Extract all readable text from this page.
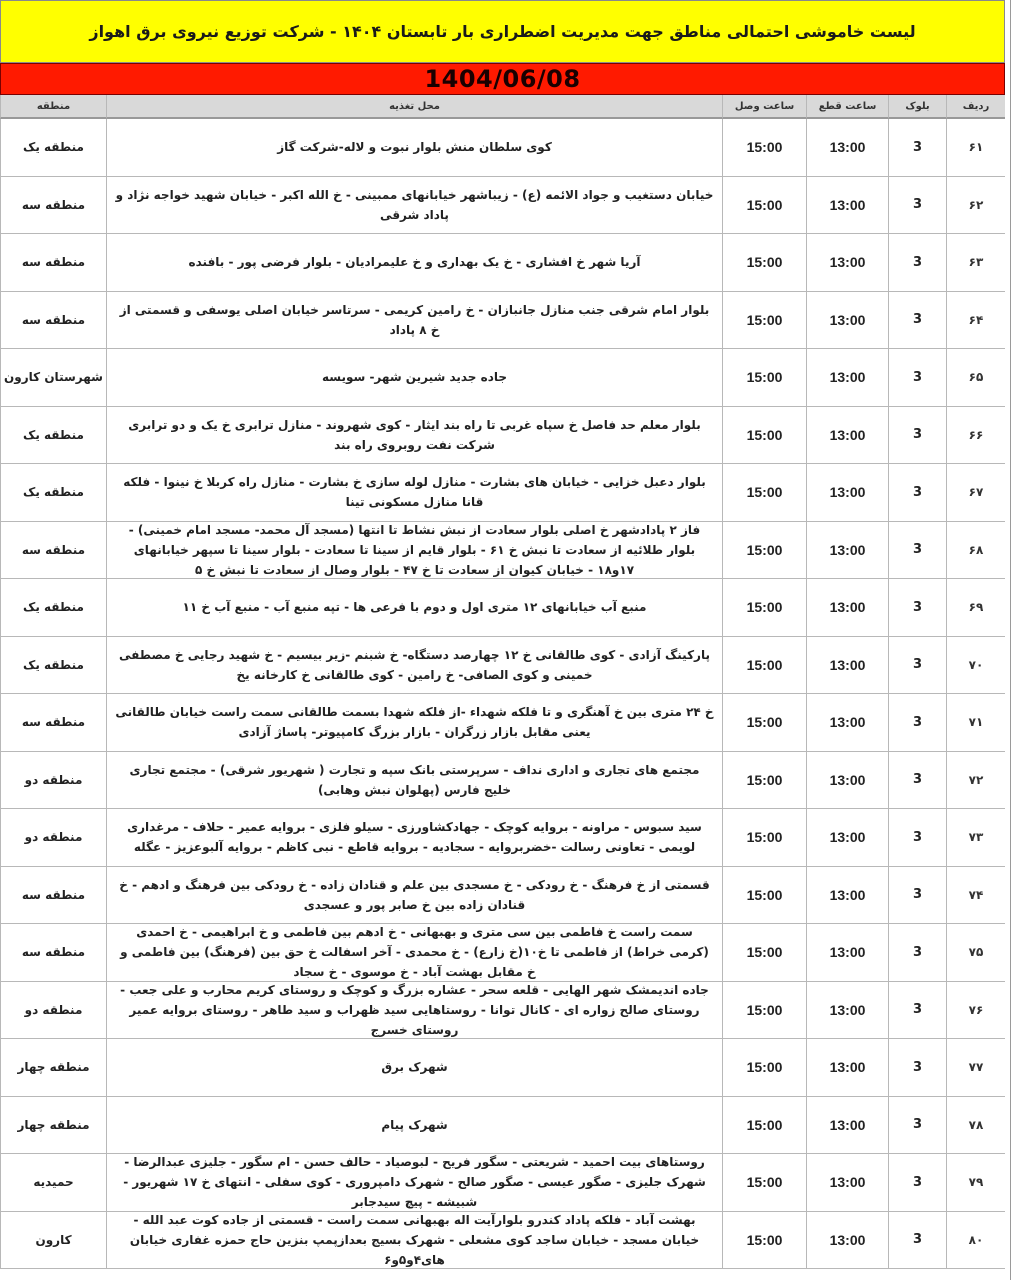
لیست خاموشی احتمالی مناطق جهت مدیریت اضطراری بار تابستان ۱۴۰۴ - شرکت توزیع نیروی برق اهواز
1404/06/08
ردیف
بلوک
ساعت قطع
ساعت وصل
محل تغذیه
منطقه
۶۱
3
13:00
15:00
کوی سلطان منش بلوار نبوت و لاله-شرکت گاز
منطقه یک
۶۲
3
13:00
15:00
خیابان دستغیب و جواد الائمه (ع) - زیباشهر خیابانهای ممبینی - خ الله اکبر - خیابان شهید خواجه نژاد و پاداد شرقی
منطقه سه
۶۳
3
13:00
15:00
آریا شهر خ افشاری - خ یک بهداری و خ علیمرادیان - بلوار فرضی پور - بافنده
منطقه سه
۶۴
3
13:00
15:00
بلوار امام شرقی جنب منازل جانبازان - خ رامین کریمی - سرتاسر خیابان اصلی یوسفی و قسمتی از خ ۸ پاداد
منطقه سه
۶۵
3
13:00
15:00
جاده جدید شیرین شهر- سویسه
شهرستان کارون
۶۶
3
13:00
15:00
بلوار معلم حد فاصل خ سپاه غربی تا راه بند ایثار - کوی شهروند - منازل ترابری خ یک و دو ترابری شرکت نفت روبروی راه بند
منطقه یک
۶۷
3
13:00
15:00
بلوار دعبل خزایی - خیابان های بشارت - منازل لوله سازی خ بشارت - منازل راه کربلا خ نینوا - فلکه قانا منازل مسکونی تینا
منطقه یک
۶۸
3
13:00
15:00
فاز ۲ پادادشهر خ اصلی بلوار سعادت از نبش نشاط تا انتها (مسجد آل محمد- مسجد امام خمینی) - بلوار طلائیه از سعادت تا نبش خ ۶۱ - بلوار قایم از سینا تا سعادت - بلوار سینا تا سپهر خیابانهای ۱۷و۱۸ - خیابان کیوان از سعادت تا خ ۴۷ - بلوار وصال از سعادت تا نبش خ ۵
منطقه سه
۶۹
3
13:00
15:00
منبع آب خیابانهای ۱۲ متری اول و دوم با فرعی ها - تپه منبع آب - منبع آب خ ۱۱
منطقه یک
۷۰
3
13:00
15:00
پارکینگ آزادی - کوی طالقانی خ ۱۲ چهارصد دستگاه- خ شبنم -زیر بیسیم - خ شهید رجایی خ مصطفی خمینی و کوی الصافی- خ رامین - کوی طالقانی خ کارخانه یخ
منطقه یک
۷۱
3
13:00
15:00
خ ۲۴ متری بین خ آهنگری و تا فلکه شهداء -از فلکه شهدا بسمت طالقانی سمت راست خیابان طالقانی یعنی مقابل بازار زرگران - بازار بزرگ کامپیوتر- پاساژ آزادی
منطقه سه
۷۲
3
13:00
15:00
مجتمع های تجاری و اداری نداف - سرپرستی بانک سپه و تجارت ( شهریور شرقی) - مجتمع تجاری خلیج فارس (پهلوان نبش وهابی)
منطقه دو
۷۳
3
13:00
15:00
سید سبوس - مراونه - بروایه کوچک - جهادکشاورزی - سیلو فلزی - بروایه عمیر - حلاف - مرغداری لویمی - تعاونی رسالت -خضربروایه - سجادیه - بروایه قاطع - نبی کاظم - بروایه آلبوعزیز - عگله
منطقه دو
۷۴
3
13:00
15:00
قسمتی از خ فرهنگ - خ رودکی - خ مسجدی بین علم و قنادان زاده - خ رودکی بین فرهنگ و ادهم - خ قنادان زاده بین خ صابر پور و عسجدی
منطقه سه
۷۵
3
13:00
15:00
سمت راست خ فاطمی بین سی متری و بهبهانی - خ ادهم بین فاطمی و خ ابراهیمی - خ احمدی (کرمی خراط) از فاطمی تا خ۱۰(خ زارع) - خ محمدی - آخر اسفالت خ حق بین (فرهنگ) بین فاطمی و خ مقابل بهشت آباد - خ موسوی - خ سجاد
منطقه سه
۷۶
3
13:00
15:00
جاده اندیمشک شهر الهایی - قلعه سحر - عشاره بزرگ و کوچک و روستای کریم محارب و علی جعب - روستای صالح زواره ای - کانال توانا - روستاهایی سید ظهراب و سید طاهر - روستای بروایه عمیر روستای خسرج
منطقه دو
۷۷
3
13:00
15:00
شهرک برق
منطقه چهار
۷۸
3
13:00
15:00
شهرک پیام
منطقه چهار
۷۹
3
13:00
15:00
روستاهای بیت احمید - شریعتی - سگور فریح - لبوصیاد - حالف حسن - ام سگور - جلیزی عبدالرضا - شهرک جلیزی - صگور عیسی - صگور صالح - شهرک دامپروری - کوی سفلی - انتهای خ ۱۷ شهریور - شبیشه - پیچ سیدجابر
حمیدیه
۸۰
3
13:00
15:00
بهشت آباد - فلکه پاداد کندرو بلوارآیت اله بهبهانی سمت راست - قسمتی از جاده کوت عبد الله - خیابان مسجد - خیابان ساجد کوی مشعلی - شهرک بسیج بعدازپمپ بنزین حاج حمزه غفاری خیابان های۴و۵و۶
کارون
